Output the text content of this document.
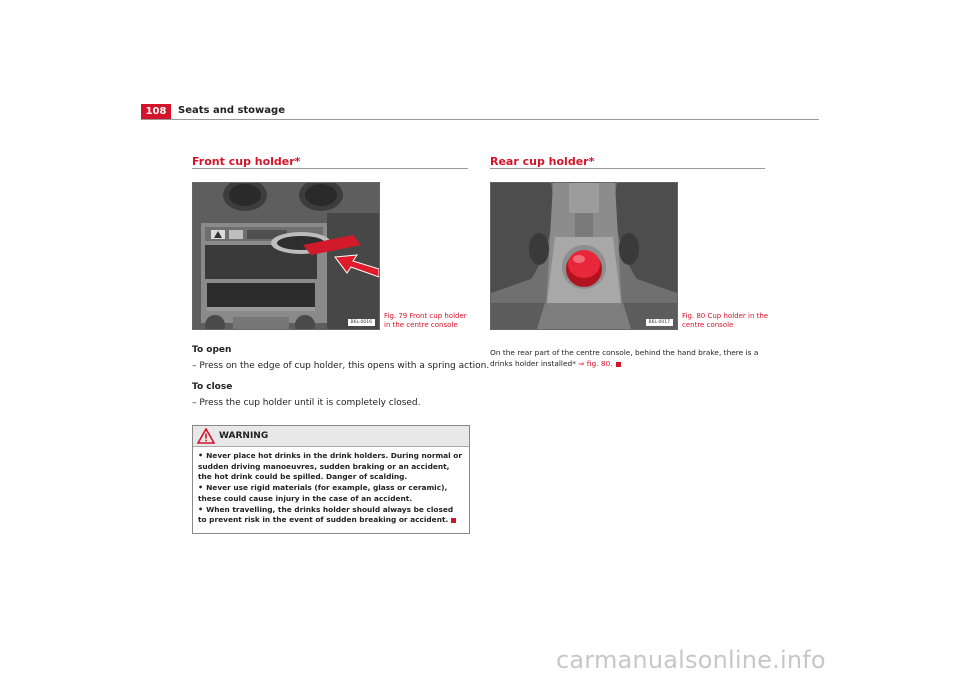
108	Seats and stowage
Front cup holder*
B6L-0016
Fig. 79 Front cup holder
in the centre console
To open
– Press on the edge of cup holder, this opens with a spring action.
To close
– Press the cup holder until it is completely closed.
WARNING

• Never place hot drinks in the drink holders. During normal or sudden driving manoeuvres, sudden braking or an accident, the hot drink could be spilled. Danger of scalding.

• Never use rigid materials (for example, glass or ceramic), these could cause injury in the case of an accident.

• When travelling, the drinks holder should always be closed to prevent risk in the event of sudden breaking or accident.

Rear cup holder*
B6L-0017
Fig. 80 Cup holder in the
centre console
On the rear part of the centre console, behind the hand brake, there is a drinks holder installed* ⇒ fig. 80.
carmanualsonline.info
